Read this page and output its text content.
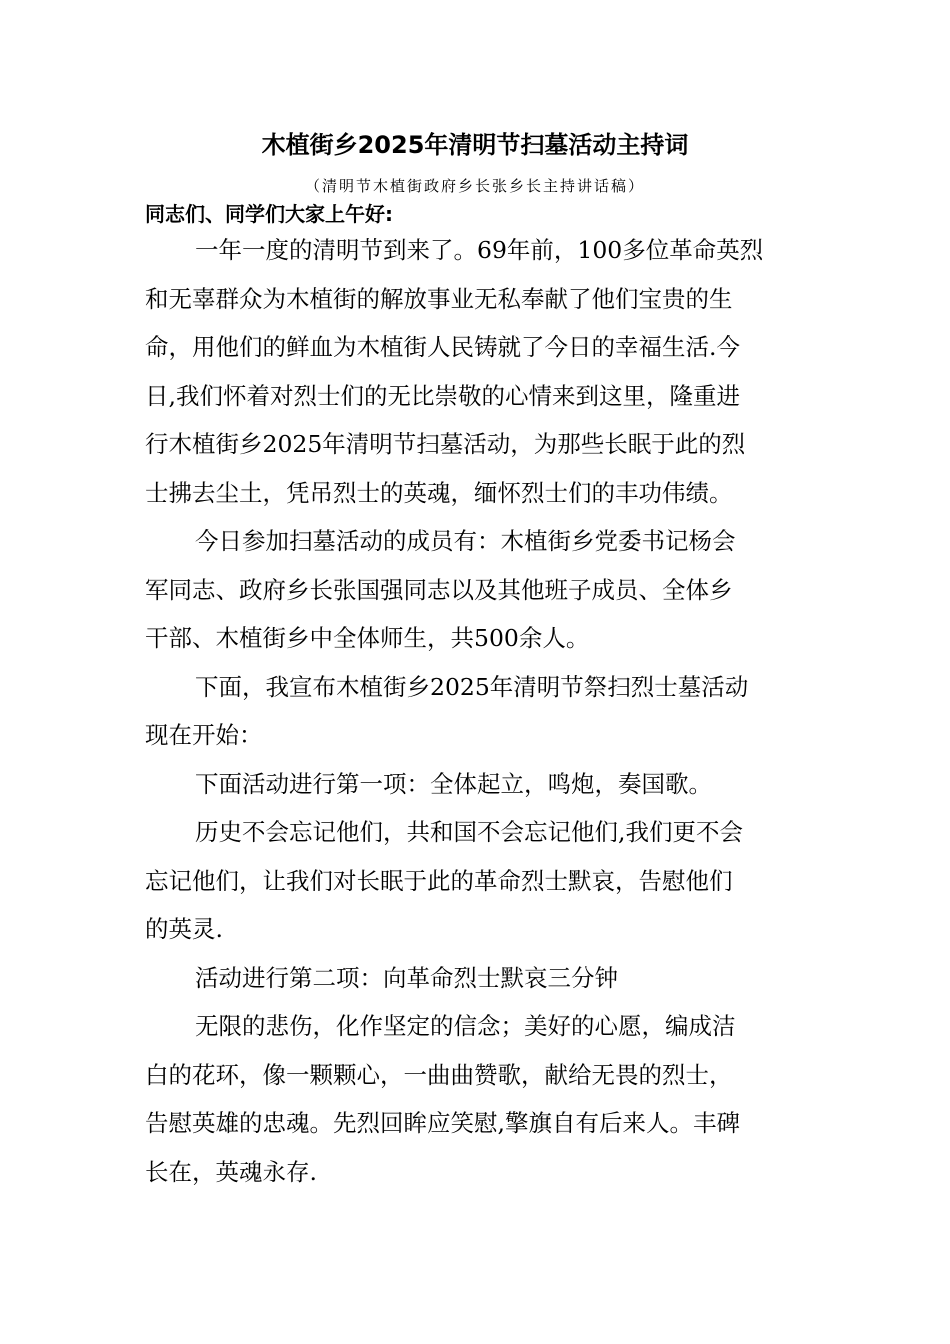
木植街乡2025年清明节扫墓活动主持词
（清明节木植街政府乡长张乡长主持讲话稿）
同志们、同学们大家上午好:

一年一度的清明节到来了。69年前，100多位革命英烈
和无辜群众为木植街的解放事业无私奉献了他们宝贵的生
命，用他们的鲜血为木植街人民铸就了今日的幸福生活.今
日,我们怀着对烈士们的无比崇敬的心情来到这里，隆重进
行木植街乡2025年清明节扫墓活动，为那些长眠于此的烈
士拂去尘土，凭吊烈士的英魂，缅怀烈士们的丰功伟绩。

今日参加扫墓活动的成员有：木植街乡党委书记杨会
军同志、政府乡长张国强同志以及其他班子成员、全体乡
干部、木植街乡中全体师生，共500余人。

下面，我宣布木植街乡2025年清明节祭扫烈士墓活动
现在开始：

下面活动进行第一项：全体起立，鸣炮，奏国歌。

历史不会忘记他们，共和国不会忘记他们,我们更不会
忘记他们，让我们对长眠于此的革命烈士默哀，告慰他们
的英灵.

活动进行第二项：向革命烈士默哀三分钟

无限的悲伤，化作坚定的信念；美好的心愿，编成洁
白的花环，像一颗颗心，一曲曲赞歌，献给无畏的烈士，
告慰英雄的忠魂。先烈回眸应笑慰,擎旗自有后来人。丰碑
长在，英魂永存.
